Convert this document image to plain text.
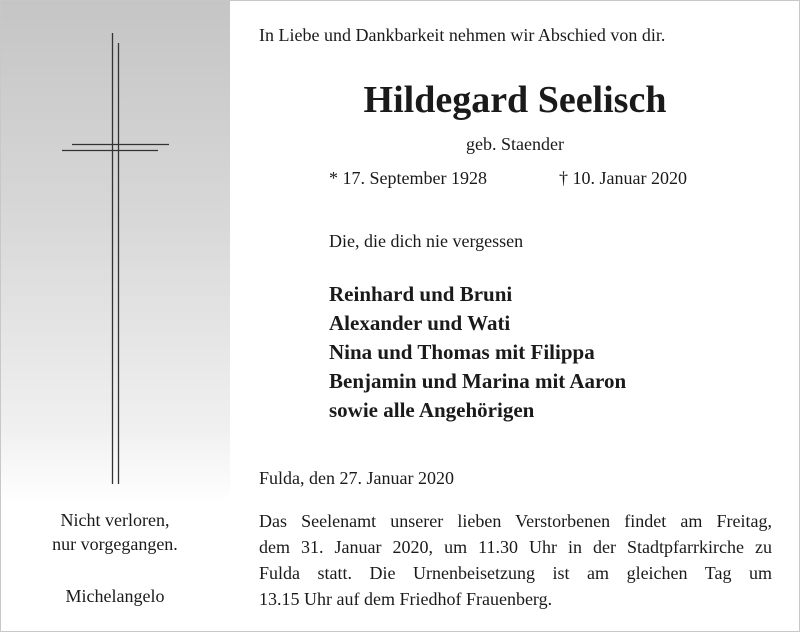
Nicht verloren,
nur vorgegangen.
Michelangelo
In Liebe und Dankbarkeit nehmen wir Abschied von dir.
Hildegard Seelisch
geb. Staender
* 17. September 1928	† 10. Januar 2020
Die, die dich nie vergessen
Reinhard und Bruni
Alexander und Wati
Nina und Thomas mit Filippa
Benjamin und Marina mit Aaron
sowie alle Angehörigen
Fulda, den 27. Januar 2020
Das Seelenamt unserer lieben Verstorbenen findet am Freitag,
dem 31. Januar 2020, um 11.30 Uhr in der Stadtpfarrkirche zu
Fulda statt. Die Urnenbeisetzung ist am gleichen Tag um
13.15 Uhr auf dem Friedhof Frauenberg.
